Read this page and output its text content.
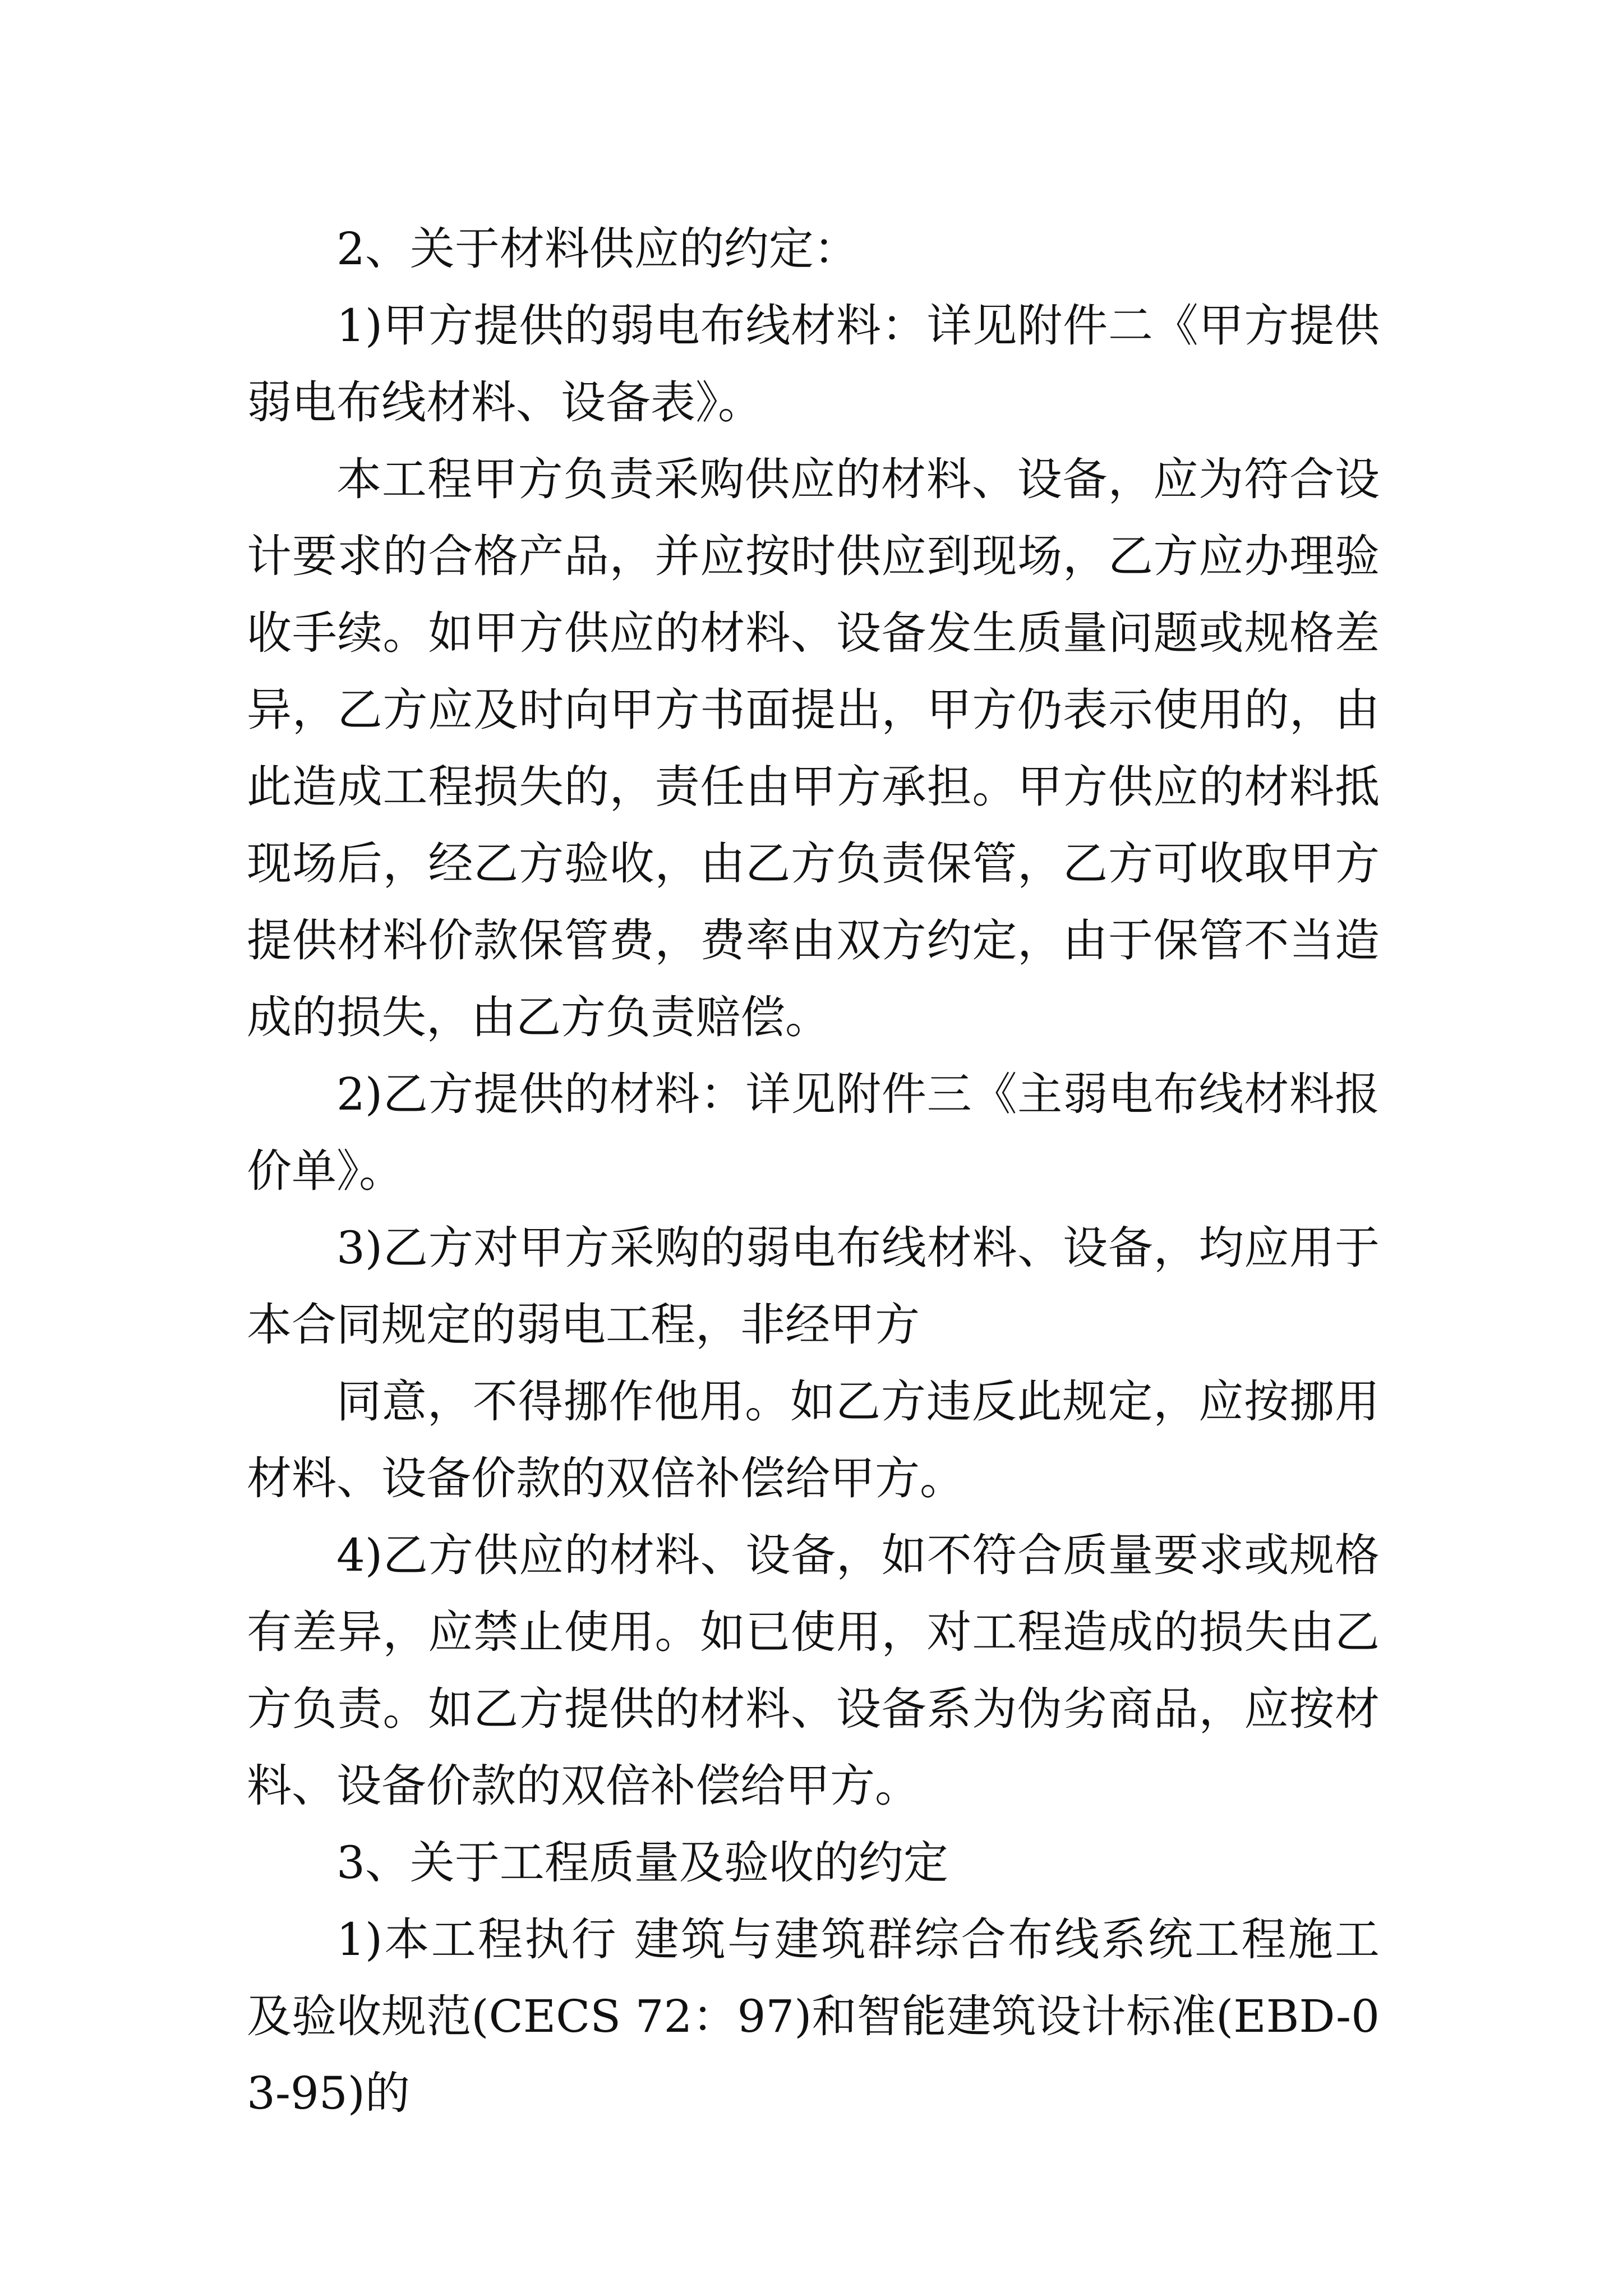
2、关于材料供应的约定：

1)甲方提供的弱电布线材料：详见附件二《甲方提供弱电布线材料、设备表》。

本工程甲方负责采购供应的材料、设备，应为符合设计要求的合格产品，并应按时供应到现场，乙方应办理验收手续。如甲方供应的材料、设备发生质量问题或规格差异，乙方应及时向甲方书面提出，甲方仍表示使用的，由此造成工程损失的，责任由甲方承担。甲方供应的材料抵现场后，经乙方验收，由乙方负责保管，乙方可收取甲方提供材料价款保管费，费率由双方约定，由于保管不当造成的损失，由乙方负责赔偿。

2)乙方提供的材料：详见附件三《主弱电布线材料报价单》。

3)乙方对甲方采购的弱电布线材料、设备，均应用于本合同规定的弱电工程，非经甲方

同意，不得挪作他用。如乙方违反此规定，应按挪用材料、设备价款的双倍补偿给甲方。

4)乙方供应的材料、设备，如不符合质量要求或规格有差异，应禁止使用。如已使用，对工程造成的损失由乙方负责。如乙方提供的材料、设备系为伪劣商品，应按材料、设备价款的双倍补偿给甲方。

3、关于工程质量及验收的约定

1)本工程执行 建筑与建筑群综合布线系统工程施工及验收规范(CECS 72：97)和智能建筑设计标准(EBD-03-95)的
